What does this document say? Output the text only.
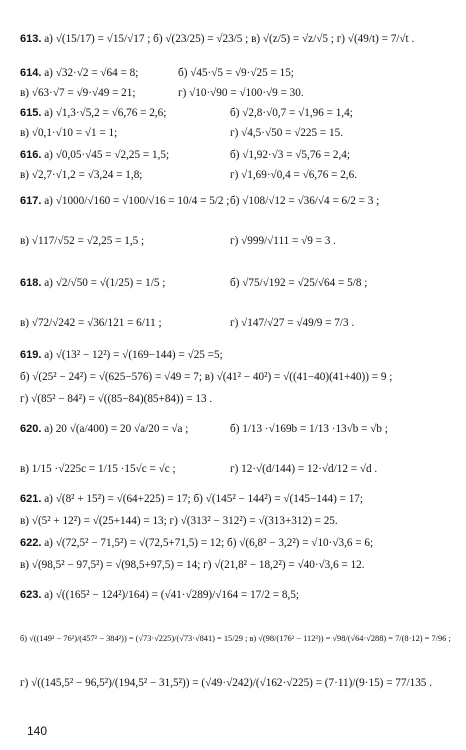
613. а) √(15/17) = √15/√17 ; б) √(23/25) = √23/5 ; в) √(z/5) = √z/√5 ; г) √(49/t) = 7/√t .
614. а) √32·√2 = √64 = 8;	б) √45·√5 = √9·√25 = 15;
в) √63·√7 = √9·√49 = 21;	г) √10·√90 = √100·√9 = 30.
615. а) √1,3·√5,2 = √6,76 = 2,6;	б) √2,8·√0,7 = √1,96 = 1,4;
в) √0,1·√10 = √1 = 1;	г) √4,5·√50 = √225 = 15.
616. а) √0,05·√45 = √2,25 = 1,5;	б) √1,92·√3 = √5,76 = 2,4;
в) √2,7·√1,2 = √3,24 = 1,8;	г) √1,69·√0,4 = √6,76 = 2,6.
617. а) √1000/√160 = √100/√16 = 10/4 = 5/2 ; б) √108/√12 = √36/√4 = 6/2 = 3 ;
в) √117/√52 = √2,25 = 1,5 ;	г) √999/√111 = √9 = 3 .
618. а) √2/√50 = √(1/25) = 1/5 ;	б) √75/√192 = √25/√64 = 5/8 ;
в) √72/√242 = √36/121 = 6/11 ;	г) √147/√27 = √49/9 = 7/3 .
619. а) √(13² − 12²) = √(169−144) = √25 =5;
б) √(25² − 24²) = √(625−576) = √49 = 7; в) √(41² − 40²) = √((41−40)(41+40)) = 9 ;
г) √(85² − 84²) = √((85−84)(85+84)) = 13 .
620. а) 20 √(a/400) = 20 √a/20 = √a ;	б) 1/13 ·√169b = 1/13 ·13√b = √b ;
в) 1/15 ·√225c = 1/15 ·15√c = √c ;	г) 12·√(d/144) = 12·√d/12 = √d .
621. а) √(8² + 15²) = √(64+225) = 17; б) √(145² − 144²) = √(145−144) = 17;
в) √(5² + 12²) = √(25+144) = 13; г) √(313² − 312²) = √(313+312) = 25.
622. а) √(72,5² − 71,5²) = √(72,5+71,5) = 12; б) √(6,8² − 3,2²) = √10·√3,6 = 6;
в) √(98,5² − 97,5²) = √(98,5+97,5) = 14; г) √(21,8² − 18,2²) = √40·√3,6 = 12.
623. а) √((165² − 124²)/164) = (√41·√289)/√164 = 17/2 = 8,5;
б) √((149² − 76²)/(457² − 384²)) = (√73·√225)/(√73·√841) = 15/29 ; в) √(98/(176² − 112²)) = √98/(√64·√288) = 7/(8·12) = 7/96 ;
г) √((145,5² − 96,5²)/(194,5² − 31,5²)) = (√49·√242)/(√162·√225) = (7·11)/(9·15) = 77/135 .
140
